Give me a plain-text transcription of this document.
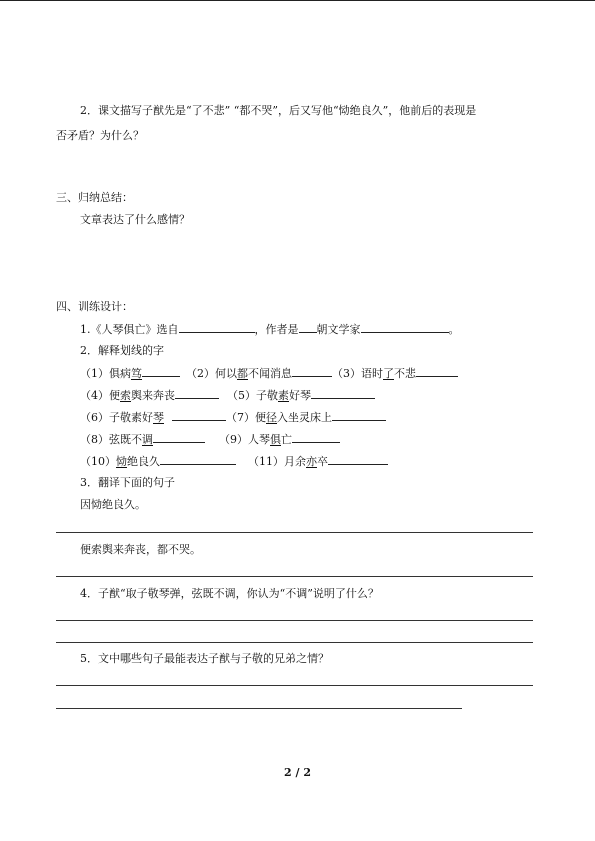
2．课文描写子猷先是“了不悲” “都不哭”，后又写他“恸绝良久”，他前后的表现是
否矛盾？为什么？
三、归纳总结：
文章表达了什么感情？
四、训练设计：
1.《人琴俱亡》选自	，作者是 朝文学家	。
2．解释划线的字
（1）俱病笃	（2）何以都不闻消息	（3）语时了不悲
（4）便索舆来奔丧	（5）子敬素好琴
（6）子敬素好琴	（7）便径入坐灵床上
（8）弦既不调	（9）人琴俱亡
（10）恸绝良久	（11）月余亦卒
3．翻译下面的句子
因恸绝良久。
便索舆来奔丧，都不哭。
4．子猷“取子敬琴弹，弦既不调，你认为“不调”说明了什么？
5．文中哪些句子最能表达子猷与子敬的兄弟之情？
2 / 2
